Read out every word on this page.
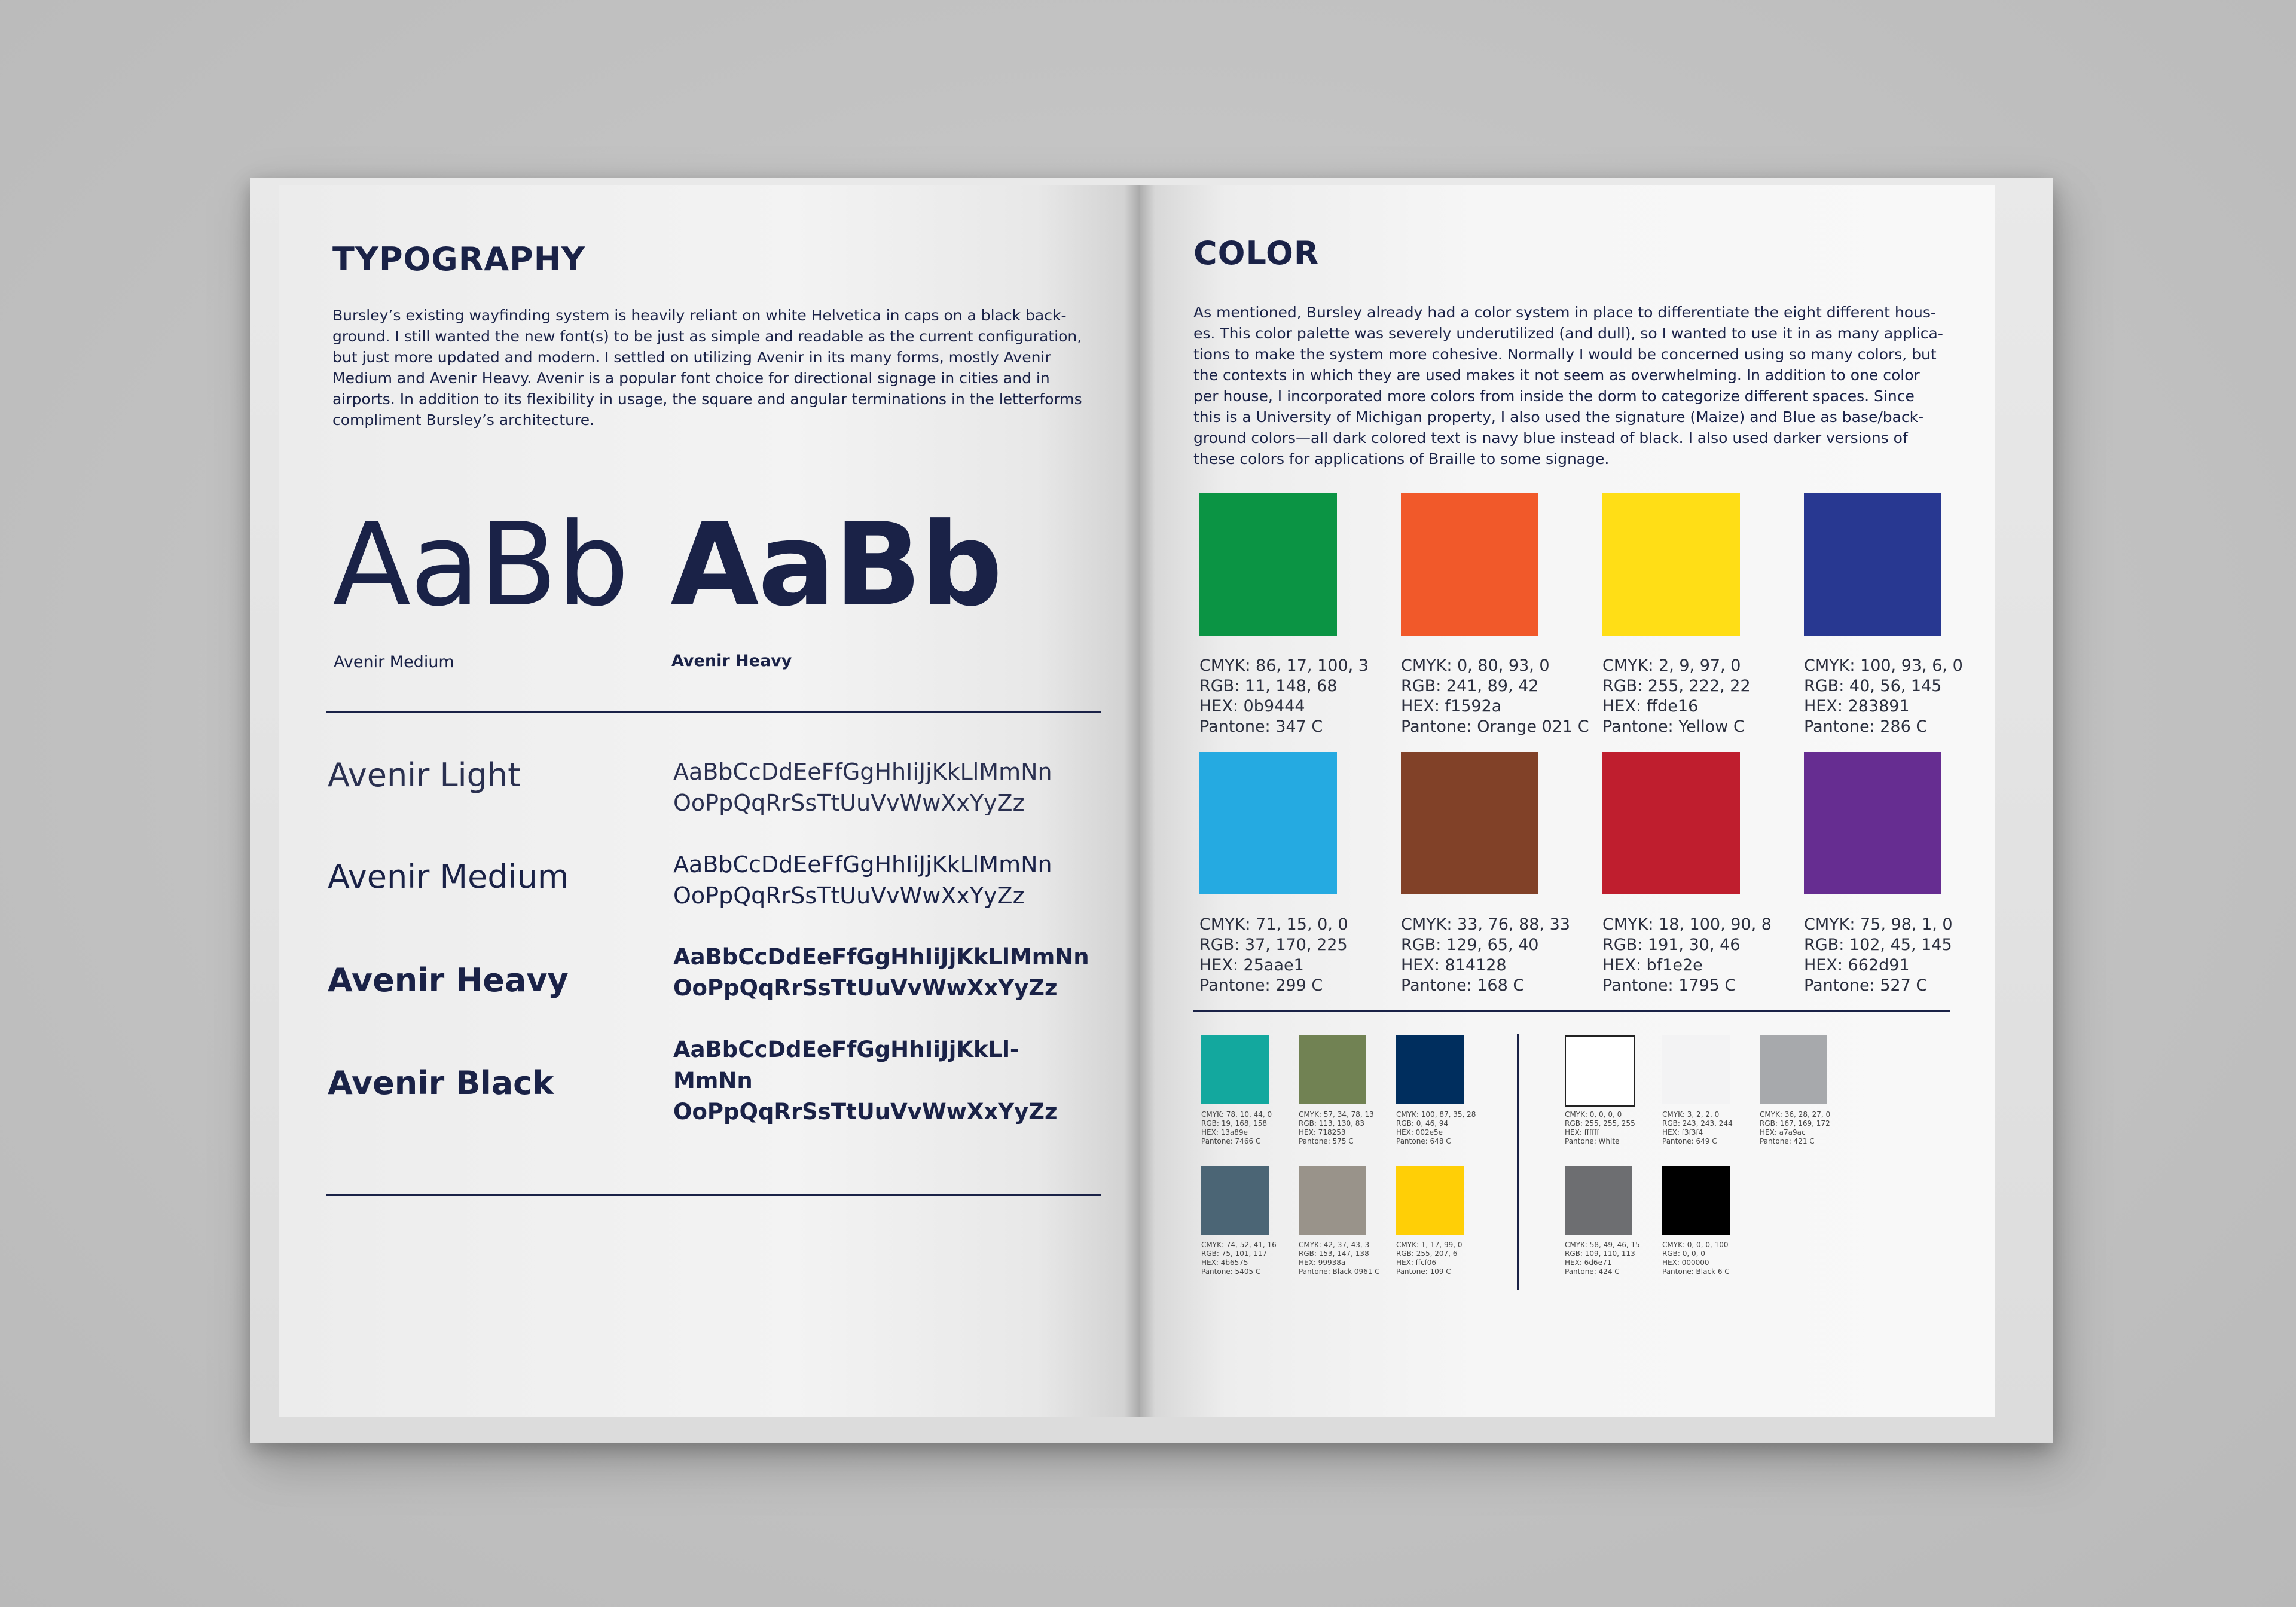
TYPOGRAPHY
Bursley’s existing wayfinding system is heavily reliant on white Helvetica in caps on a black back-
ground. I still wanted the new font(s) to be just as simple and readable as the current configuration,
but just more updated and modern. I settled on utilizing Avenir in its many forms, mostly Avenir
Medium and Avenir Heavy. Avenir is a popular font choice for directional signage in cities and in
airports. In addition to its flexibility in usage, the square and angular terminations in the letterforms
compliment Bursley’s architecture.
AaBb
Avenir Medium
AaBb
Avenir Heavy
Avenir Light	AaBbCcDdEeFfGgHhIiJjKkLlMmNn
OoPpQqRrSsTtUuVvWwXxYyZz
Avenir Medium	AaBbCcDdEeFfGgHhIiJjKkLlMmNn
OoPpQqRrSsTtUuVvWwXxYyZz
Avenir Heavy
AaBbCcDdEeFfGgHhIiJjKkLlMmNn
OoPpQqRrSsTtUuVvWwXxYyZz
Avenir Black
AaBbCcDdEeFfGgHhIiJjKkLl-
MmNn
OoPpQqRrSsTtUuVvWwXxYyZz
COLOR
As mentioned, Bursley already had a color system in place to differentiate the eight different hous-
es. This color palette was severely underutilized (and dull), so I wanted to use it in as many applica-
tions to make the system more cohesive. Normally I would be concerned using so many colors, but
the contexts in which they are used makes it not seem as overwhelming. In addition to one color
per house, I incorporated more colors from inside the dorm to categorize different spaces. Since
this is a University of Michigan property, I also used the signature (Maize) and Blue as base/back-
ground colors—all dark colored text is navy blue instead of black. I also used darker versions of
these colors for applications of Braille to some signage.
CMYK: 86, 17, 100, 3
RGB: 11, 148, 68
HEX: 0b9444
Pantone: 347 C
CMYK: 0, 80, 93, 0
RGB: 241, 89, 42
HEX: f1592a
Pantone: Orange 021 C
CMYK: 2, 9, 97, 0
RGB: 255, 222, 22
HEX: ffde16
Pantone: Yellow C
CMYK: 100, 93, 6, 0
RGB: 40, 56, 145
HEX: 283891
Pantone: 286 C
CMYK: 71, 15, 0, 0
RGB: 37, 170, 225
HEX: 25aae1
Pantone: 299 C
CMYK: 33, 76, 88, 33
RGB: 129, 65, 40
HEX: 814128
Pantone: 168 C
CMYK: 18, 100, 90, 8
RGB: 191, 30, 46
HEX: bf1e2e
Pantone: 1795 C
CMYK: 75, 98, 1, 0
RGB: 102, 45, 145
HEX: 662d91
Pantone: 527 C
CMYK: 78, 10, 44, 0
RGB: 19, 168, 158
HEX: 13a89e
Pantone: 7466 C
CMYK: 57, 34, 78, 13
RGB: 113, 130, 83
HEX: 718253
Pantone: 575 C
CMYK: 100, 87, 35, 28
RGB: 0, 46, 94
HEX: 002e5e
Pantone: 648 C
CMYK: 74, 52, 41, 16
RGB: 75, 101, 117
HEX: 4b6575
Pantone: 5405 C
CMYK: 42, 37, 43, 3
RGB: 153, 147, 138
HEX: 99938a
Pantone: Black 0961 C
CMYK: 1, 17, 99, 0
RGB: 255, 207, 6
HEX: ffcf06
Pantone: 109 C
CMYK: 0, 0, 0, 0
RGB: 255, 255, 255
HEX: ffffff
Pantone: White
CMYK: 3, 2, 2, 0
RGB: 243, 243, 244
HEX: f3f3f4
Pantone: 649 C
CMYK: 36, 28, 27, 0
RGB: 167, 169, 172
HEX: a7a9ac
Pantone: 421 C
CMYK: 58, 49, 46, 15
RGB: 109, 110, 113
HEX: 6d6e71
Pantone: 424 C
CMYK: 0, 0, 0, 100
RGB: 0, 0, 0
HEX: 000000
Pantone: Black 6 C
